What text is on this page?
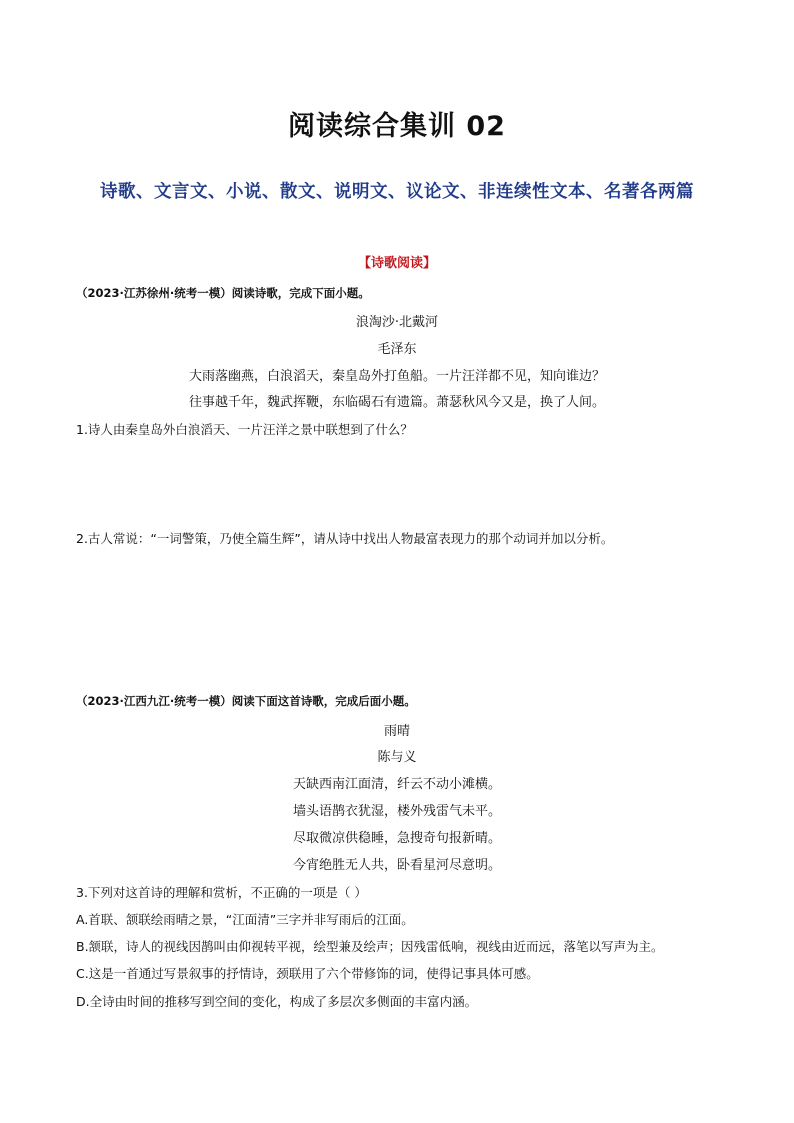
阅读综合集训 02
诗歌、文言文、小说、散文、说明文、议论文、非连续性文本、名著各两篇
【诗歌阅读】
（2023·江苏徐州·统考一模）阅读诗歌，完成下面小题。
浪淘沙·北戴河
毛泽东
大雨落幽燕，白浪滔天，秦皇岛外打鱼船。一片汪洋都不见，知向谁边？
往事越千年，魏武挥鞭，东临碣石有遗篇。萧瑟秋风今又是，换了人间。
1.诗人由秦皇岛外白浪滔天、一片汪洋之景中联想到了什么？
2.古人常说：“一词警策，乃使全篇生辉”，请从诗中找出人物最富表现力的那个动词并加以分析。
（2023·江西九江·统考一模）阅读下面这首诗歌，完成后面小题。
雨晴
陈与义
天缺西南江面清，纤云不动小滩横。
墙头语鹊衣犹湿，楼外残雷气未平。
尽取微凉供稳睡，急搜奇句报新晴。
今宵绝胜无人共，卧看星河尽意明。
3.下列对这首诗的理解和赏析，不正确的一项是（ ）
A.首联、颔联绘雨晴之景，“江面清”三字并非写雨后的江面。
B.颔联，诗人的视线因鹊叫由仰视转平视，绘型兼及绘声；因残雷低响，视线由近而远，落笔以写声为主。
C.这是一首通过写景叙事的抒情诗，颈联用了六个带修饰的词，使得记事具体可感。
D.全诗由时间的推移写到空间的变化，构成了多层次多侧面的丰富内涵。
